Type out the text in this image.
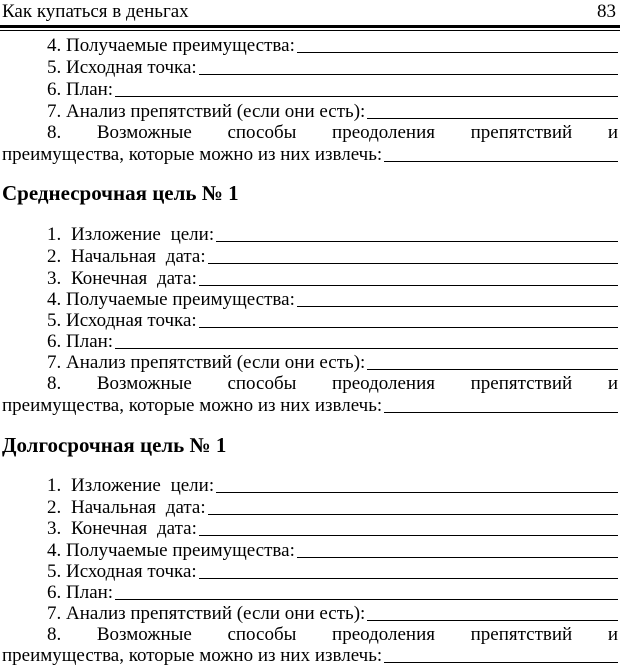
Как купаться в деньгах	83
4. Получаемые преимущества:
5. Исходная точка:
6. План:
7. Анализ препятствий (если они есть):
8. Возможные способы преодоления препятствий и
преимущества, которые можно из них извлечь:
Среднесрочная цель № 1
1. Изложение цели:
2. Начальная дата:
3. Конечная дата:
4. Получаемые преимущества:
5. Исходная точка:
6. План:
7. Анализ препятствий (если они есть):
8. Возможные способы преодоления препятствий и
преимущества, которые можно из них извлечь:
Долгосрочная цель № 1
1. Изложение цели:
2. Начальная дата:
3. Конечная дата:
4. Получаемые преимущества:
5. Исходная точка:
6. План:
7. Анализ препятствий (если они есть):
8. Возможные способы преодоления препятствий и
преимущества, которые можно из них извлечь:
